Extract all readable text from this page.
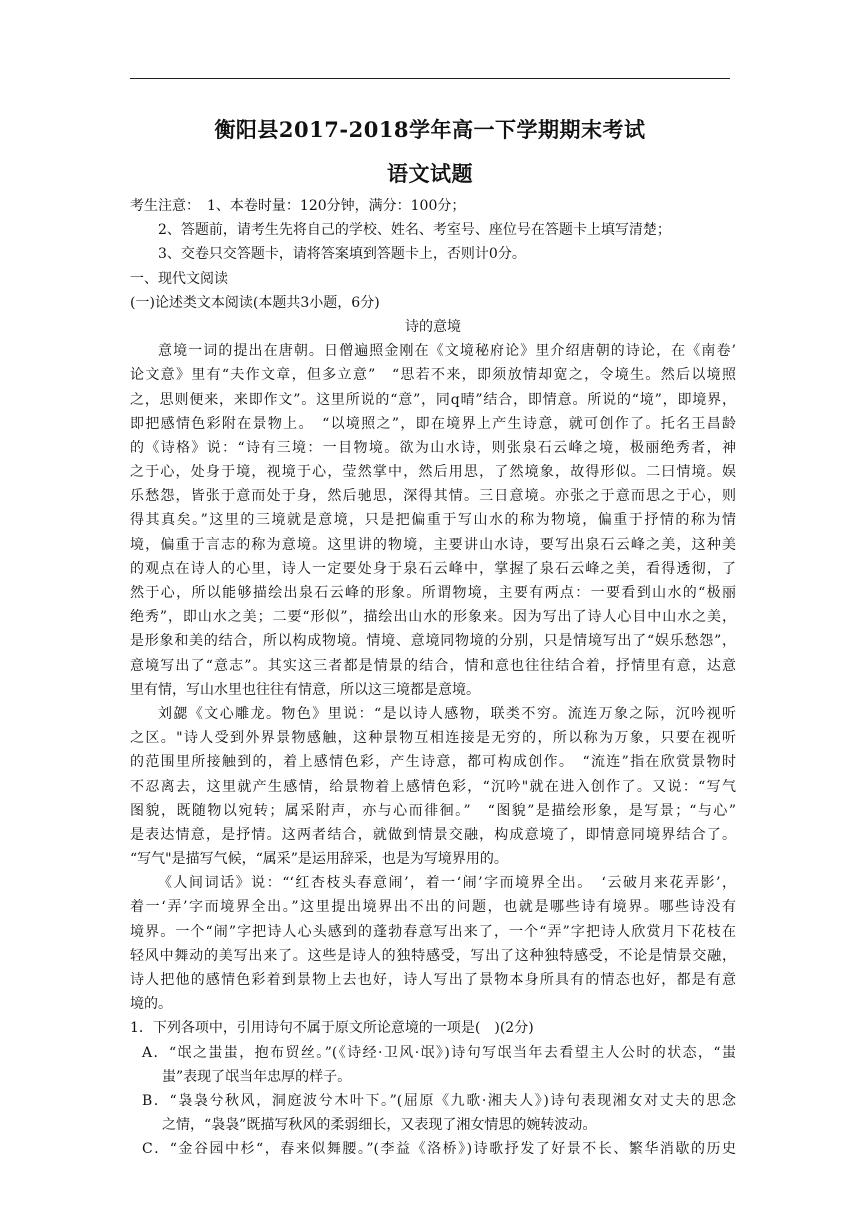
衡阳县2017-2018学年高一下学期期末考试
语文试题
考生注意：　1、本卷时量：120分钟，满分：100分；
2、答题前，请考生先将自己的学校、姓名、考室号、座位号在答题卡上填写清楚；
3、交卷只交答题卡，请将答案填到答题卡上，否则计0分。
一、现代文阅读
(一)论述类文本阅读(本题共3小题，6分)
诗的意境
意境一词的提出在唐朝。日僧遍照金刚在《文境秘府论》里介绍唐朝的诗论，在《南卷’
论文意》里有“夫作文章，但多立意”　“思若不来，即须放情却宽之，令境生。然后以境照
之，思则便来，来即作文”。这里所说的“意”，同q晴”结合，即情意。所说的“境”，即境界，
即把感情色彩附在景物上。　“以境照之”，即在境界上产生诗意，就可创作了。托名王昌龄
的《诗格》说：“诗有三境：一目物境。欲为山水诗，则张泉石云峰之境，极丽绝秀者，神
之于心，处身于境，视境于心，莹然掌中，然后用思，了然境象，故得形似。二曰情境。娱
乐愁怨，皆张于意而处于身，然后驰思，深得其情。三日意境。亦张之于意而思之于心，则
得其真矣。”这里的三境就是意境，只是把偏重于写山水的称为物境，偏重于抒情的称为情
境，偏重于言志的称为意境。这里讲的物境，主要讲山水诗，要写出泉石云峰之美，这种美
的观点在诗人的心里，诗人一定要处身于泉石云峰中，掌握了泉石云峰之美，看得透彻，了
然于心，所以能够描绘出泉石云峰的形象。所谓物境，主要有两点：一要看到山水的“极丽
绝秀”，即山水之美；二要“形似”，描绘出山水的形象来。因为写出了诗人心目中山水之美，
是形象和美的结合，所以构成物境。情境、意境同物境的分别，只是情境写出了“娱乐愁怨”，
意境写出了“意志”。其实这三者都是情景的结合，情和意也往往结合着，抒情里有意，达意
里有情，写山水里也往往有情意，所以这三境都是意境。
刘勰《文心雕龙。物色》里说：“是以诗人感物，联类不穷。流连万象之际，沉吟视听
之区。"诗人受到外界景物感触，这种景物互相连接是无穷的，所以称为万象，只要在视听
的范围里所接触到的，着上感情色彩，产生诗意，都可构成创作。　“流连”指在欣赏景物时
不忍离去，这里就产生感情，给景物着上感情色彩，“沉吟"就在进入创作了。又说：“写气
图貌，既随物以宛转；属采附声，亦与心而徘徊。”　“图貌”是描绘形象，是写景；“与心”
是表达情意，是抒情。这两者结合，就做到情景交融，构成意境了，即情意同境界结合了。
“写气"是描写气候，“属采”是运用辞采，也是为写境界用的。
《人间词话》说：“‘红杏枝头春意闹’，着一‘闹’字而境界全出。　‘云破月来花弄影’，
着一‘弄’字而境界全出。”这里提出境界出不出的问题，也就是哪些诗有境界。哪些诗没有
境界。一个“闹”字把诗人心头感到的蓬勃春意写出来了，一个“弄”字把诗人欣赏月下花枝在
轻风中舞动的美写出来了。这些是诗人的独特感受，写出了这种独特感受，不论是情景交融，
诗人把他的感情色彩着到景物上去也好，诗人写出了景物本身所具有的情态也好，都是有意
境的。
1．下列各项中，引用诗句不属于原文所论意境的一项是(　)(2分)
A．“氓之蚩蚩，抱布贸丝。”(《诗经·卫风·氓》)诗句写氓当年去看望主人公时的状态，“蚩
蚩”表现了氓当年忠厚的样子。
B．“袅袅兮秋风，洞庭波兮木叶下。”(屈原《九歌·湘夫人》)诗句表现湘女对丈夫的思念
之情，“袅袅”既描写秋风的柔弱细长，又表现了湘女情思的婉转波动。
C．“金谷园中杉“，春来似舞腰。”(李益《洛桥》)诗歌抒发了好景不长、繁华消歇的历史
